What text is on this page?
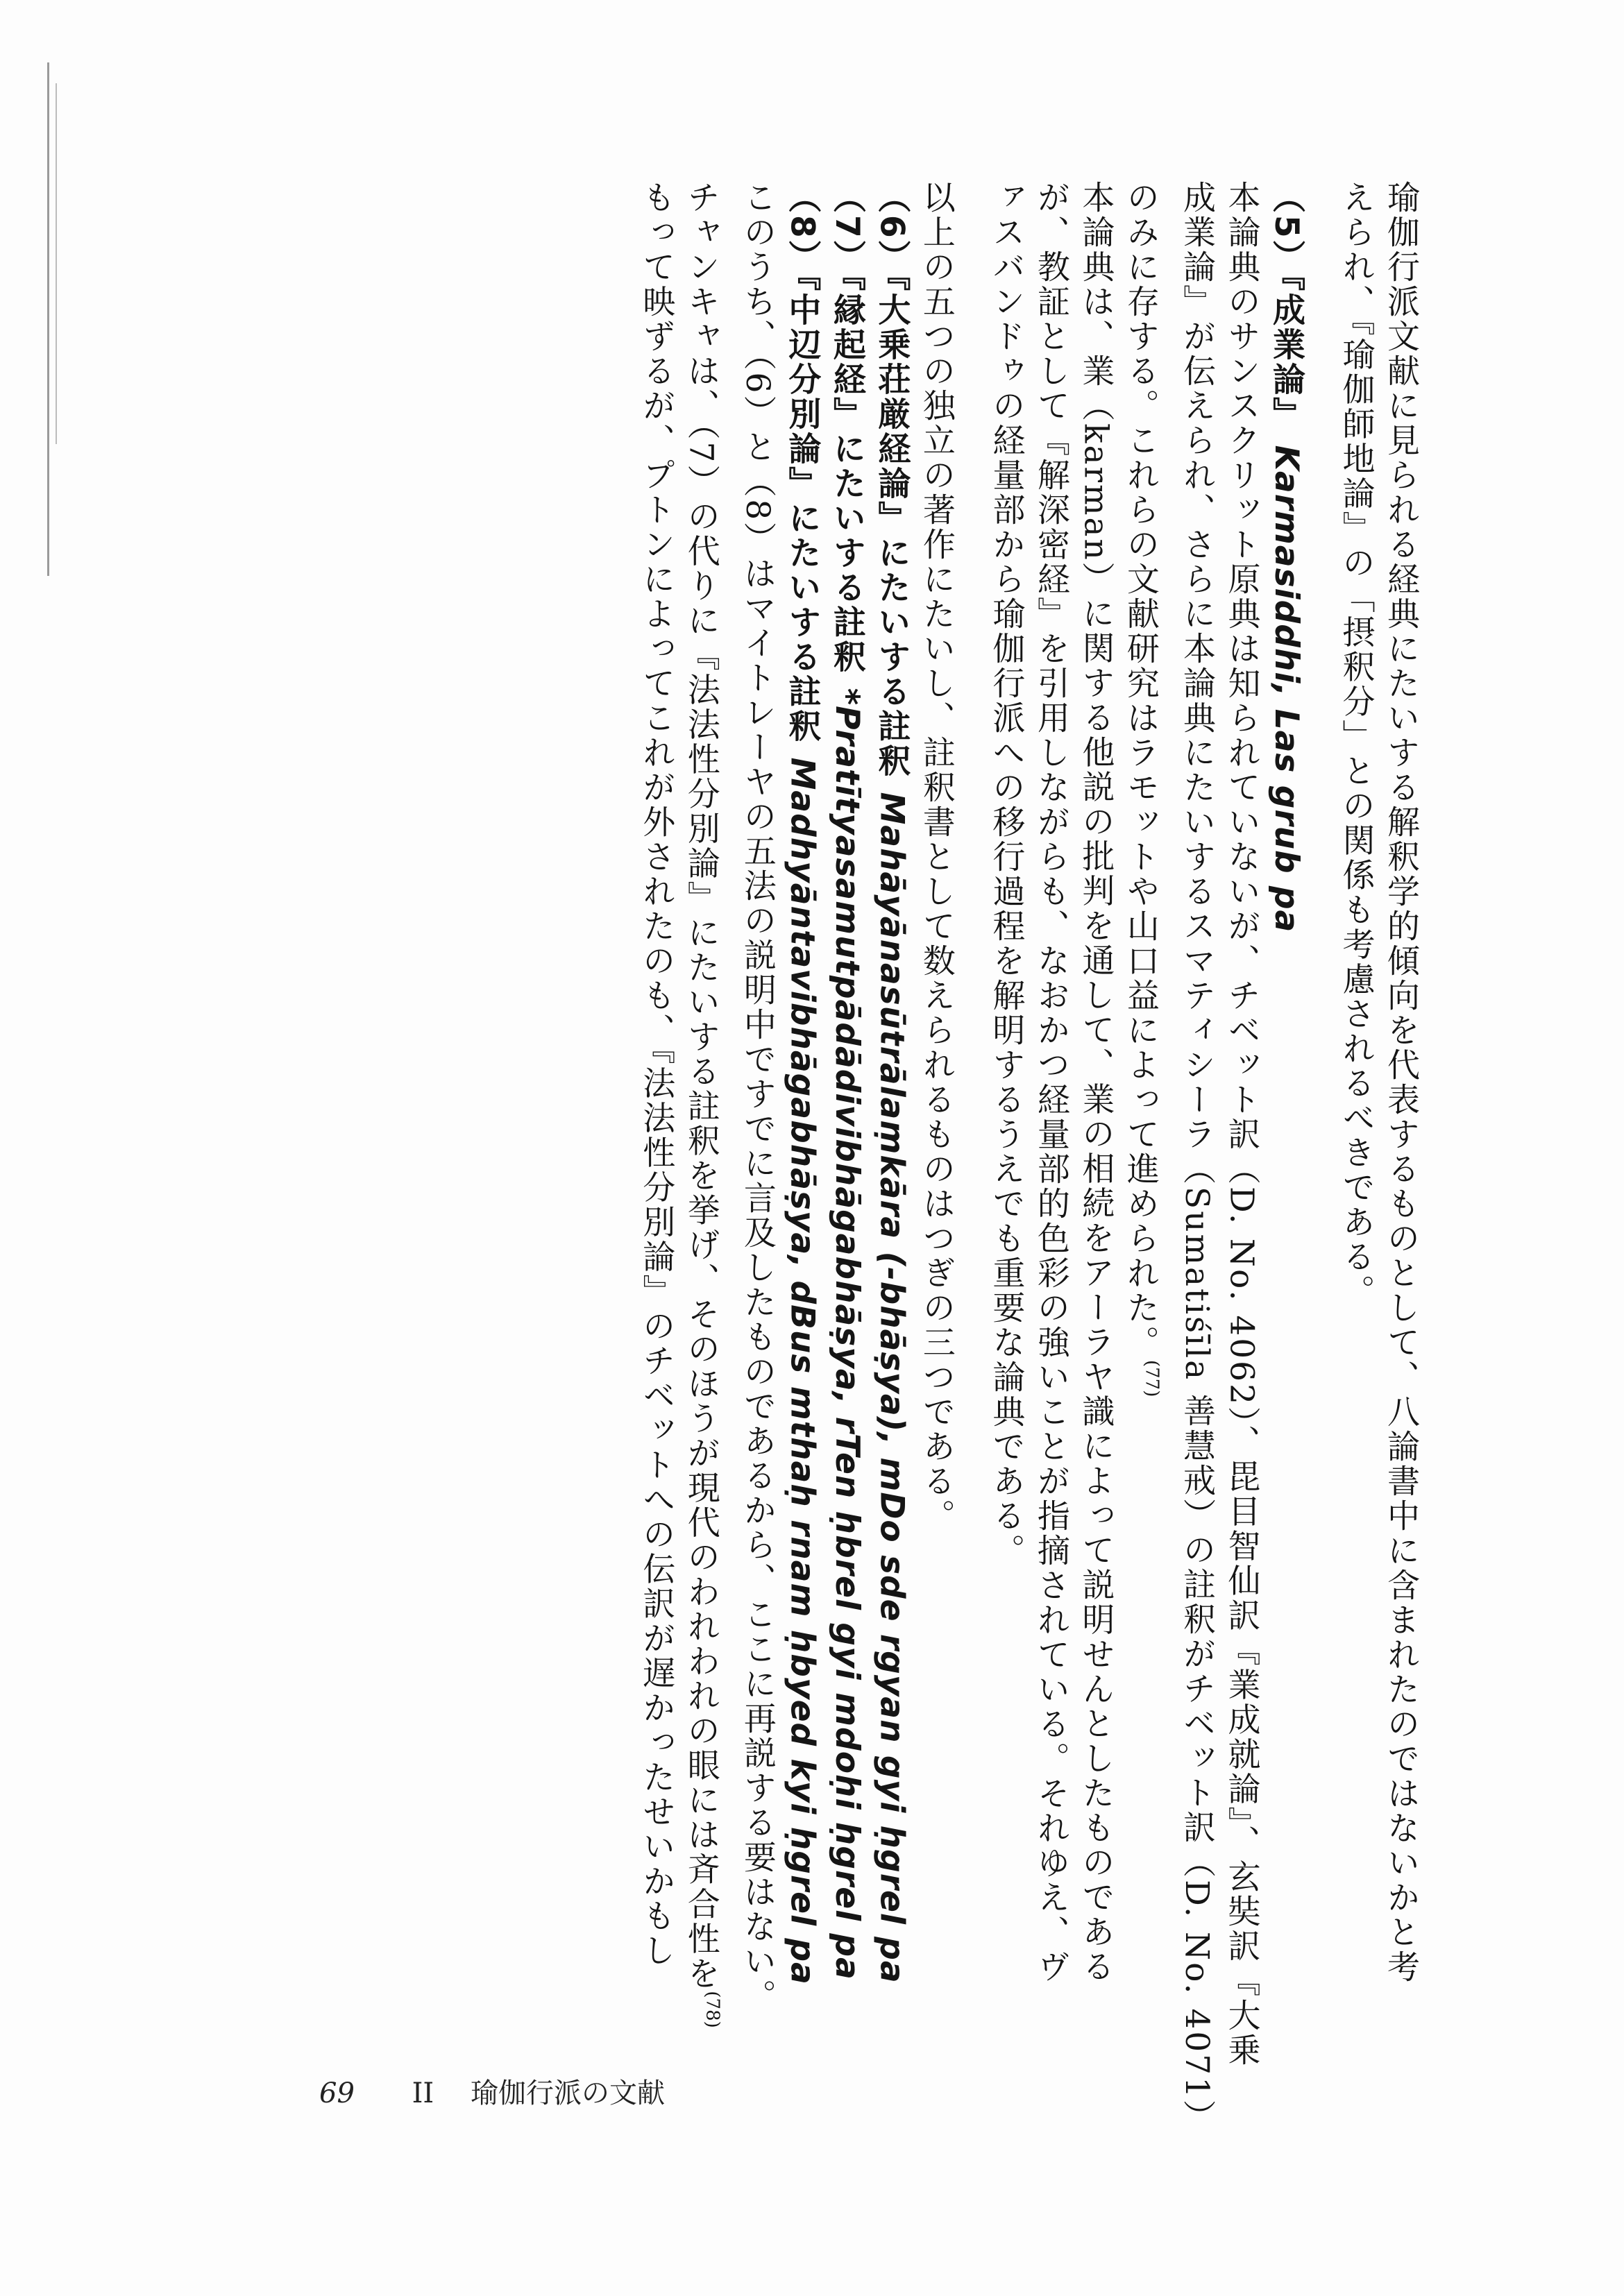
瑜伽行派文献に見られる経典にたいする解釈学的傾向を代表するものとして、八論書中に含まれたのではないかと考
えられ、『瑜伽師地論』の「摂釈分」との関係も考慮されるべきである。
（5）『成業論』 Karmasiddhi, Las grub pa
本論典のサンスクリット原典は知られていないが、チベット訳（D. No. 4062）、毘目智仙訳『業成就論』、玄奘訳『大乗
成業論』が伝えられ、さらに本論典にたいするスマティシーラ（Sumatiśīla 善慧戒）の註釈がチベット訳（D. No. 4071）
のみに存する。これらの文献研究はラモットや山口益によって進められた。$^{(77)}$
本論典は、業（karman）に関する他説の批判を通して、業の相続をアーラヤ識によって説明せんとしたものである
が、教証として『解深密経』を引用しながらも、なおかつ経量部的色彩の強いことが指摘されている。それゆえ、ヴ
ァスバンドゥの経量部から瑜伽行派への移行過程を解明するうえでも重要な論典である。
以上の五つの独立の著作にたいし、註釈書として数えられるものはつぎの三つである。
（6）『大乗荘厳経論』にたいする註釈 Mahāyānasūtrālaṃkāra (-bhāṣya), mDo sde rgyan gyi ḥgrel pa
（7）『縁起経』にたいする註釈 *Pratītyasamutpādādivibhāgabhāṣya, rTen ḥbrel gyi mdoḥi ḥgrel pa
（8）『中辺分別論』にたいする註釈 Madhyāntavibhāgabhāṣya, dBus mthaḥ rnam ḥbyed kyi ḥgrel pa
このうち、（6）と（8）はマイトレーヤの五法の説明中ですでに言及したものであるから、ここに再説する要はない。
チャンキャは、（7）の代りに『法法性分別論』にたいする註釈を挙げ、そのほうが現代のわれわれの眼には斉合性を$^{(78)}$
もって映ずるが、プトンによってこれが外されたのも、『法法性分別論』のチベットへの伝訳が遅かったせいかもし
69 II 瑜伽行派の文献
